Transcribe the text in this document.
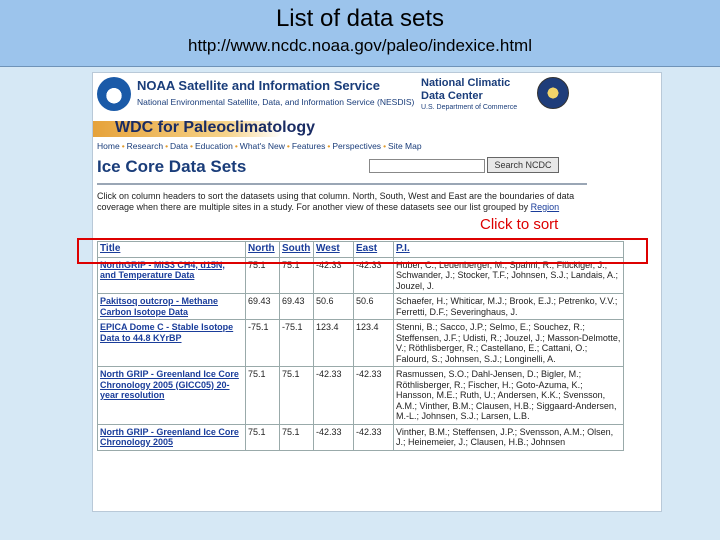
List of data sets
http://www.ncdc.noaa.gov/paleo/indexice.html
NOAA Satellite and Information Service
National Environmental Satellite, Data, and Information Service (NESDIS)
National Climatic
Data Center
U.S. Department of Commerce
WDC for Paleoclimatology
Search NCDC
Home • Research • Data • Education • What's New • Features • Perspectives • Site Map
Ice Core Data Sets
Click on column headers to sort the datasets using that column. North, South, West and East are the boundaries of data coverage when there are multiple sites in a study. For another view of these datasets see our list grouped by Region
Title	North	South	West	East	P.I.
NorthGRIP - MIS3 CH4, d15N, and Temperature Data	75.1	75.1	-42.33	-42.33	Huber, C.; Leuenberger, M.; Spahni, R.; Flückiger, J.; Schwander, J.; Stocker, T.F.; Johnsen, S.J.; Landais, A.; Jouzel, J.
Pakitsoq outcrop - Methane Carbon Isotope Data	69.43	69.43	50.6	50.6	Schaefer, H.; Whiticar, M.J.; Brook, E.J.; Petrenko, V.V.; Ferretti, D.F.; Severinghaus, J.
EPICA Dome C - Stable Isotope Data to 44.8 KYrBP	-75.1	-75.1	123.4	123.4	Stenni, B.; Sacco, J.P.; Selmo, E.; Souchez, R.; Steffensen, J.F.; Udisti, R.; Jouzel, J.; Masson-Delmotte, V.; Röthlisberger, R.; Castellano, E.; Cattani, O.; Falourd, S.; Johnsen, S.J.; Longinelli, A.
North GRIP - Greenland Ice Core Chronology 2005 (GICC05) 20-year resolution	75.1	75.1	-42.33	-42.33	Rasmussen, S.O.; Dahl-Jensen, D.; Bigler, M.; Röthlisberger, R.; Fischer, H.; Goto-Azuma, K.; Hansson, M.E.; Ruth, U.; Andersen, K.K.; Svensson, A.M.; Vinther, B.M.; Clausen, H.B.; Siggaard-Andersen, M.-L.; Johnsen, S.J.; Larsen, L.B.
North GRIP - Greenland Ice Core Chronology 2005	75.1	75.1	-42.33	-42.33	Vinther, B.M.; Steffensen, J.P.; Svensson, A.M.; Olsen, J.; Heinemeier, J.; Clausen, H.B.; Johnsen
Click to sort
